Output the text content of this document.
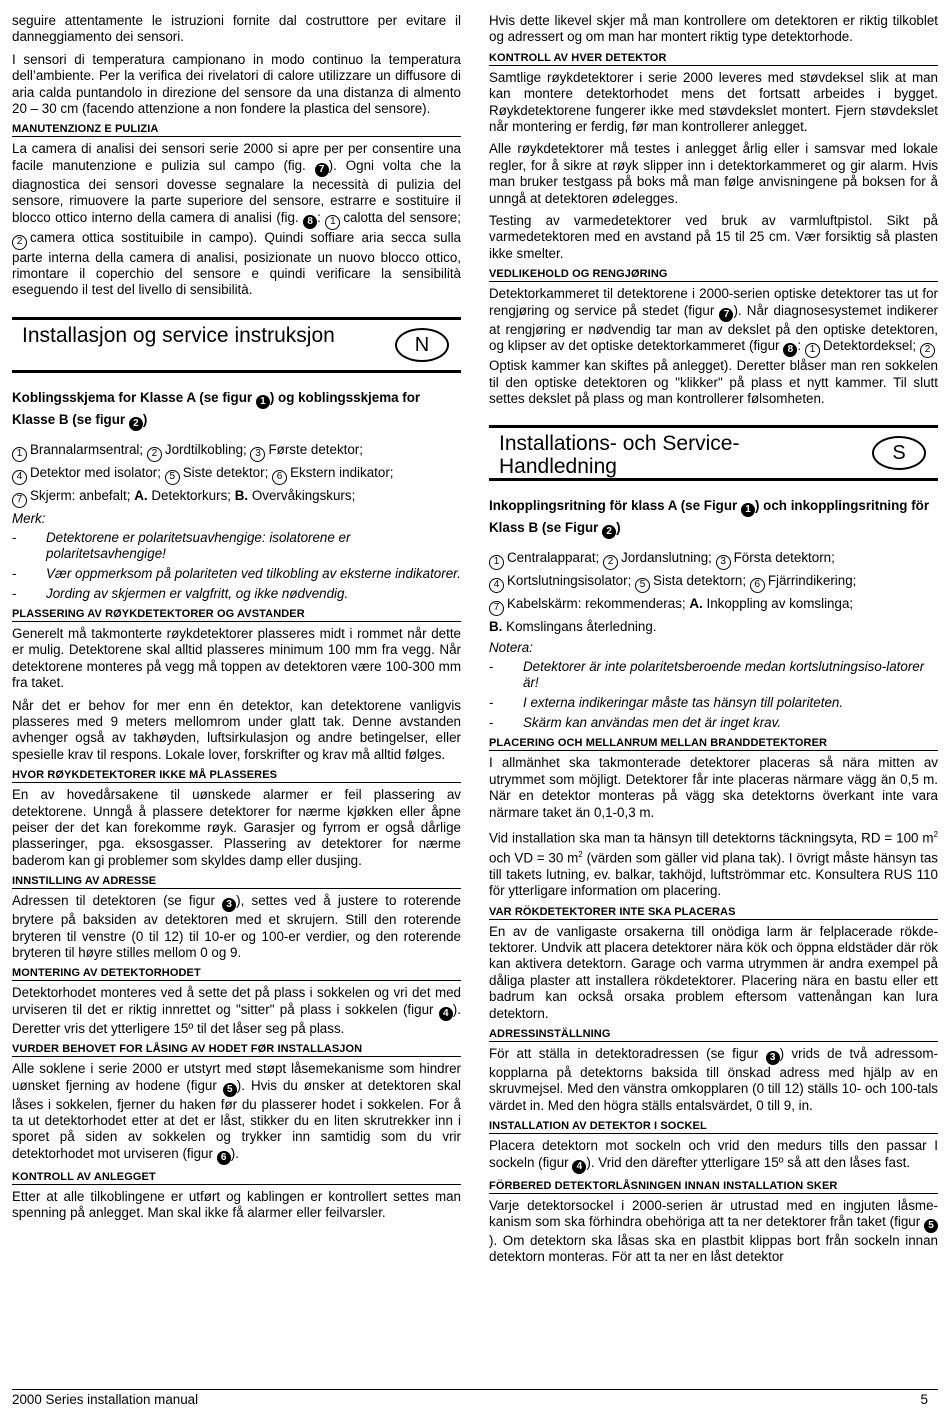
seguire attentamente le istruzioni fornite dal costruttore per evitare il danneggiamento dei sensori.

I sensori di temperatura campionano in modo continuo la temperatura dell’ambiente. Per la verifica dei rivelatori di calore utilizzare un diffusore di aria calda puntandolo in direzione del sensore da una distanza di almento 20 – 30 cm (facendo attenzione a non fondere la plastica del sensore).

MANUTENZIONZ E PULIZIA

La camera di analisi dei sensori serie 2000 si apre per per consentire una facile manutenzione e pulizia sul campo (fig. 7 ). Ogni volta che la diagnostica dei sensori dovesse segnalare la necessità di pulizia del sensore, rimuovere la parte superiore del sensore, estrarre e sostituire il blocco ottico interno della camera di analisi (fig. 8 : 1 calotta del sensore; 2 camera ottica sostituibile in campo). Quindi soffiare aria secca sulla parte interna della camera di analisi, posizionate un nuovo blocco ottico, rimontare il coperchio del sensore e quindi verificare la sensibilità eseguendo il test del livello di sensibilità.

Installasjon og service instruksjon	N
Koblingsskjema for Klasse A (se figur 1 ) og koblingsskjema for Klasse B (se figur 2 )
1 Brannalarmsentral; 2 Jordtilkobling; 3 Første detektor;
4 Detektor med isolator; 5 Siste detektor; 6 Ekstern indikator;
7 Skjerm: anbefalt; A. Detektorkurs; B. Overvåkingskurs;
Merk:
- Detektorene er polaritetsuavhengige: isolatorene er polaritetsavhengige!
- Vær oppmerksom på polariteten ved tilkobling av eksterne indikatorer.
- Jording av skjermen er valgfritt, og ikke nødvendig.
PLASSERING AV RØYKDETEKTORER OG AVSTANDER

Generelt må takmonterte røykdetektorer plasseres midt i rommet når dette er mulig. Detektorene skal alltid plasseres minimum 100 mm fra vegg. Når detektorene monteres på vegg må toppen av detektoren være 100-300 mm fra taket.

Når det er behov for mer enn én detektor, kan detektorene vanligvis plasseres med 9 meters mellomrom under glatt tak. Denne avstanden avhenger også av takhøyden, luftsirkulasjon og andre betingelser, eller spesielle krav til respons. Lokale lover, forskrifter og krav må alltid følges.

HVOR RØYKDETEKTORER IKKE MÅ PLASSERES

En av hovedårsakene til uønskede alarmer er feil plassering av detektorene. Unngå å plassere detektorer for nærme kjøkken eller åpne peiser der det kan forekomme røyk. Garasjer og fyrrom er også dårlige plasseringer, pga. eksosgasser. Plassering av detektorer for nærme baderom kan gi problemer som skyldes damp eller dusjing.

INNSTILLING AV ADRESSE

Adressen til detektoren (se figur 3 ), settes ved å justere to roterende brytere på baksiden av detektoren med et skrujern. Still den roterende bryteren til venstre (0 til 12) til 10-er og 100-er verdier, og den roterende bryteren til høyre stilles mellom 0 og 9.

MONTERING AV DETEKTORHODET

Detektorhodet monteres ved å sette det på plass i sokkelen og vri det med urviseren til det er riktig innrettet og "sitter" på plass i sokkelen (figur 4 ). Deretter vris det ytterligere 15º til det låser seg på plass.

VURDER BEHOVET FOR LÅSING AV HODET FØR INSTALLASJON

Alle soklene i serie 2000 er utstyrt med støpt låsemekanisme som hindrer uønsket fjerning av hodene (figur 5 ). Hvis du ønsker at detektoren skal låses i sokkelen, fjerner du haken før du plasserer hodet i sokkelen. For å ta ut detektorhodet etter at det er låst, stikker du en liten skrutrekker inn i sporet på siden av sokkelen og trykker inn samtidig som du vrir detektorhodet mot urviseren (figur 6 ).

KONTROLL AV ANLEGGET

Etter at alle tilkoblingene er utført og kablingen er kontrollert settes man spenning på anlegget. Man skal ikke få alarmer eller feilvarsler.

Hvis dette likevel skjer må man kontrollere om detektoren er riktig tilkoblet og adressert og om man har montert riktig type detektorhode.

KONTROLL AV HVER DETEKTOR

Samtlige røykdetektorer i serie 2000 leveres med støvdeksel slik at man kan montere detektorhodet mens det fortsatt arbeides i bygget. Røykdetektorene fungerer ikke med støvdekslet montert. Fjern støvdekslet når montering er ferdig, før man kontrollerer anlegget.

Alle røykdetektorer må testes i anlegget årlig eller i samsvar med lokale regler, for å sikre at røyk slipper inn i detektorkammeret og gir alarm. Hvis man bruker testgass på boks må man følge anvisningene på boksen for å unngå at detektoren ødelegges.

Testing av varmedetektorer ved bruk av varmluftpistol. Sikt på varmedetektoren med en avstand på 15 til 25 cm. Vær forsiktig så plasten ikke smelter.

VEDLIKEHOLD OG RENGJØRING

Detektorkammeret til detektorene i 2000-serien optiske detektorer tas ut for rengjøring og service på stedet (figur 7 ). Når diagnosesystemet indikerer at rengjøring er nødvendig tar man av dekslet på den optiske detektoren, og klipser av det optiske detektorkammeret (figur 8 : 1 Detektordeksel; 2Optisk kammer kan skiftes på anlegget). Deretter blåser man ren sokkelen til den optiske detektoren og "klikker" på plass et nytt kammer. Til slutt settes dekslet på plass og man kontrollerer følsomheten.

Installations- och Service-Handledning
S
Inkopplingsritning för klass A (se Figur 1 ) och inkopplingsritning för Klass B (se Figur 2 )
1 Centralapparat; 2 Jordanslutning; 3 Första detektorn;
4 Kortslutningsisolator; 5 Sista detektorn; 6 Fjärrindikering;
7 Kabelskärm: rekommenderas; A. Inkoppling av komslinga;
B. Komslingans återledning.
Notera:
- Detektorer är inte polaritetsberoende medan kortslutningsiso-latorer är!
- I externa indikeringar måste tas hänsyn till polariteten.
- Skärm kan användas men det är inget krav.
PLACERING OCH MELLANRUM MELLAN BRANDDETEKTORER

I allmänhet ska takmonterade detektorer placeras så nära mitten av utrymmet som möjligt. Detektorer får inte placeras närmare vägg än 0,5 m. När en detektor monteras på vägg ska detektorns överkant inte vara närmare taket än 0,1-0,3 m.

Vid installation ska man ta hänsyn till detektorns täckningsyta, RD = 100 $m^2$ och VD = 30 $m^2$ (värden som gäller vid plana tak). I övrigt måste hänsyn tas till takets lutning, ev. balkar, takhöjd, luftströmmar etc. Konsultera RUS 110 för ytterligare information om placering.

VAR RÖKDETEKTORER INTE SKA PLACERAS

En av de vanligaste orsakerna till onödiga larm är felplacerade rökde-tektorer. Undvik att placera detektorer nära kök och öppna eldstäder där rök kan aktivera detektorn. Garage och varma utrymmen är andra exempel på dåliga plaster att installera rökdetektorer. Placering nära en bastu eller ett badrum kan också orsaka problem eftersom vattenångan kan lura detektorn.

ADRESSINSTÄLLNING

För att ställa in detektoradressen (se figur 3 ) vrids de två adressom-kopplarna på detektorns baksida till önskad adress med hjälp av en skruvmejsel. Med den vänstra omkopplaren (0 till 12) ställs 10- och 100-tals värdet in. Med den högra ställs entalsvärdet, 0 till 9, in.

INSTALLATION AV DETEKTOR I SOCKEL

Placera detektorn mot sockeln och vrid den medurs tills den passar I sockeln (figur 4 ). Vrid den därefter ytterligare 15º så att den låses fast.

FÖRBERED DETEKTORLÅSNINGEN INNAN INSTALLATION SKER

Varje detektorsockel i 2000-serien är utrustad med en ingjuten låsme-kanism som ska förhindra obehöriga att ta ner detektorer från taket (figur 5). Om detektorn ska låsas ska en plastbit klippas bort från sockeln innan detektorn monteras. För att ta ner en låst detektor

2000 Series installation manual	5
